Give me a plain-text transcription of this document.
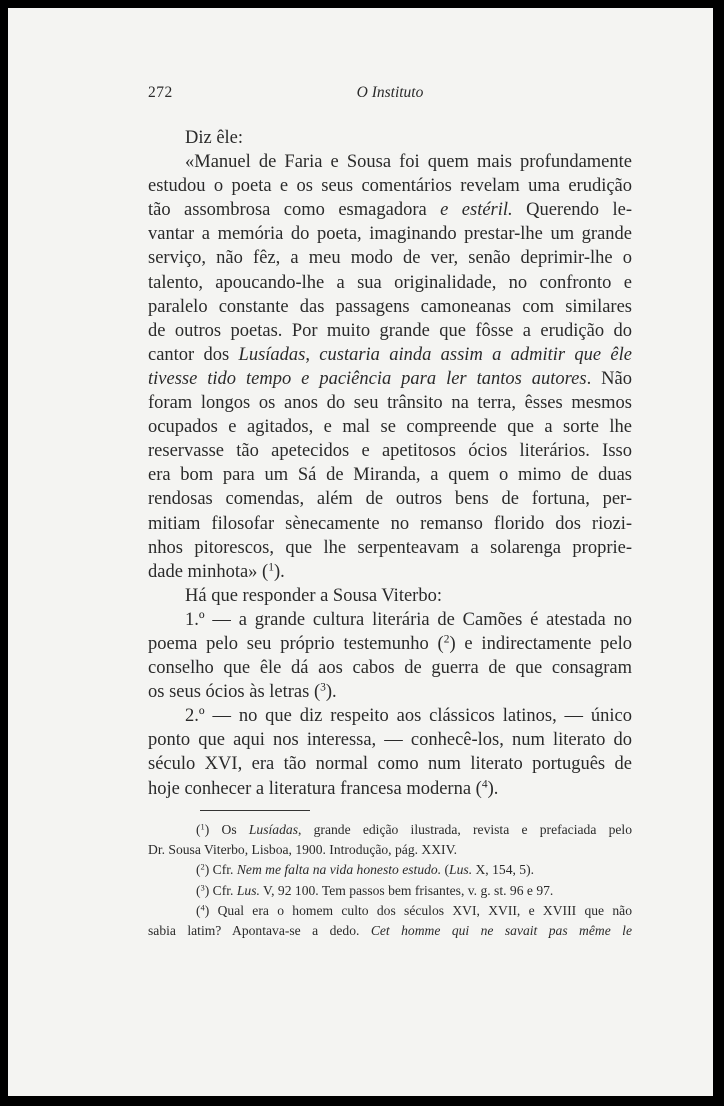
272	O Instituto
Diz êle:
«Manuel de Faria e Sousa foi quem mais profundamente
estudou o poeta e os seus comentários revelam uma erudição
tão assombrosa como esmagadora e estéril. Querendo le-
vantar a memória do poeta, imaginando prestar-lhe um grande
serviço, não fêz, a meu modo de ver, senão deprimir-lhe o
talento, apoucando-lhe a sua originalidade, no confronto e
paralelo constante das passagens camoneanas com similares
de outros poetas. Por muito grande que fôsse a erudição do
cantor dos Lusíadas, custaria ainda assim a admitir que êle
tivesse tido tempo e paciência para ler tantos autores. Não
foram longos os anos do seu trânsito na terra, êsses mesmos
ocupados e agitados, e mal se compreende que a sorte lhe
reservasse tão apetecidos e apetitosos ócios literários. Isso
era bom para um Sá de Miranda, a quem o mimo de duas
rendosas comendas, além de outros bens de fortuna, per-
mitiam filosofar sènecamente no remanso florido dos riozi-
nhos pitorescos, que lhe serpenteavam a solarenga proprie-
dade minhota» ($^1$).
Há que responder a Sousa Viterbo:
1.º — a grande cultura literária de Camões é atestada no
poema pelo seu próprio testemunho ($^2$) e indirectamente pelo
conselho que êle dá aos cabos de guerra de que consagram
os seus ócios às letras ($^3$).
2.º — no que diz respeito aos clássicos latinos, — único
ponto que aqui nos interessa, — conhecê-los, num literato do
século XVI, era tão normal como num literato português de
hoje conhecer a literatura francesa moderna ($^4$).
($^1$) Os Lusíadas, grande edição ilustrada, revista e prefaciada pelo
Dr. Sousa Viterbo, Lisboa, 1900. Introdução, pág. XXIV.
($^2$) Cfr. Nem me falta na vida honesto estudo. (Lus. X, 154, 5).
($^3$) Cfr. Lus. V, 92 100. Tem passos bem frisantes, v. g. st. 96 e 97.
($^4$) Qual era o homem culto dos séculos XVI, XVII, e XVIII que não
sabia latim? Apontava-se a dedo. Cet homme qui ne savait pas même le
